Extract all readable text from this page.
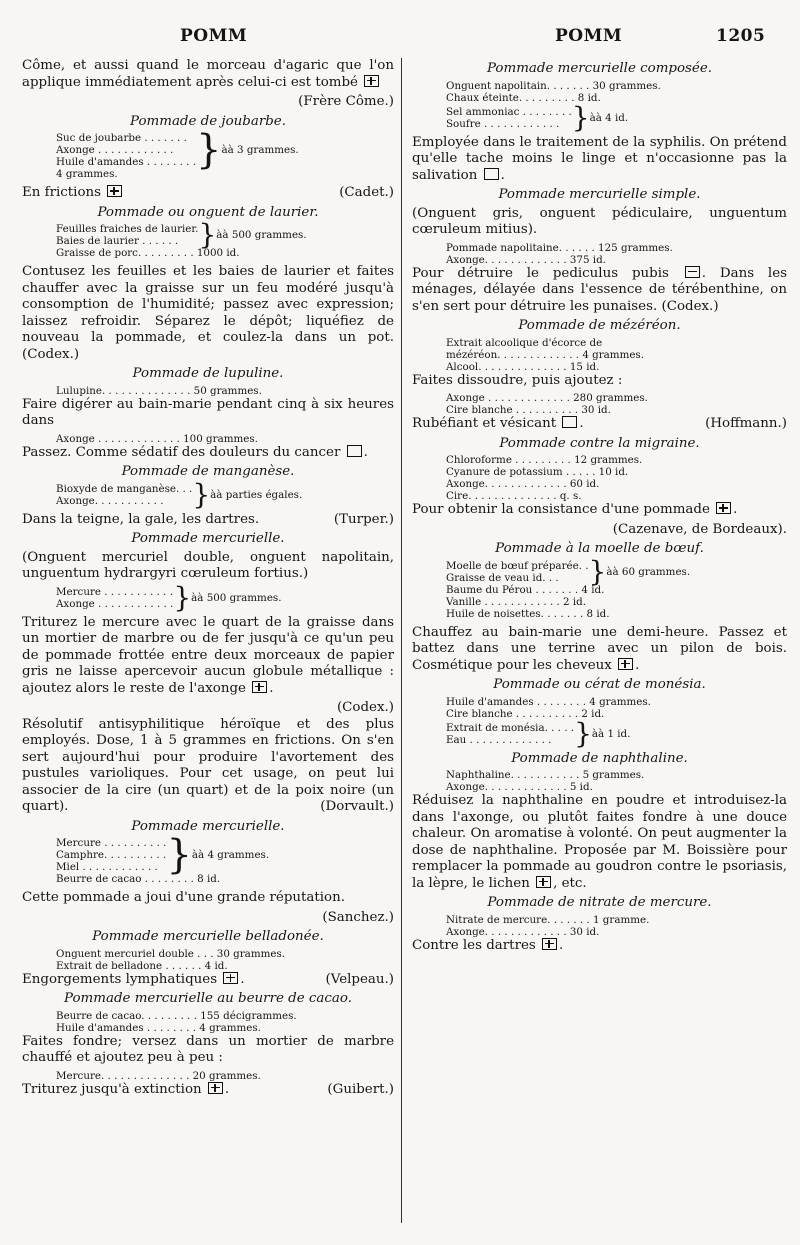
POMM	POMM	1205

Côme, et aussi quand le morceau d'agaric que l'on applique immédiatement après celui-ci est tombé

(Frère Côme.)
Pommade de joubarbe.
Suc de joubarbe . . . . . . .	}	àà 3 grammes.
Axonge . . . . . . . . . . . .
Huile d'amandes . . . . . . . .
4 grammes.

En frictions	(Cadet.)

Pommade ou onguent de laurier.
Feuilles fraiches de laurier.	}	àà 500 grammes.
Baies de laurier . . . . . .
Graisse de porc. . . . . . . . . 1000 id.

Contusez les feuilles et les baies de laurier et faites chauffer avec la graisse sur un feu modéré jusqu'à consomption de l'humidité; passez avec expression; laissez refroidir. Séparez le dépôt; liquéfiez de nouveau la pommade, et coulez-la dans un pot. (Codex.)

Pommade de lupuline.
Lulupine. . . . . . . . . . . . . . 50 grammes.

Faire digérer au bain-marie pendant cinq à six heures dans

Axonge . . . . . . . . . . . . . 100 grammes.

Passez. Comme sédatif des douleurs du cancer .

Pommade de manganèse.
Bioxyde de manganèse. . .	}	àà parties égales.
Axonge. . . . . . . . . . .

Dans la teigne, la gale, les dartres.	(Turper.)

Pommade mercurielle.

(Onguent mercuriel double, onguent napolitain, unguentum hydrargyri cœruleum fortius.)

Mercure . . . . . . . . . . .	}	àà 500 grammes.
Axonge . . . . . . . . . . . .

Triturez le mercure avec le quart de la graisse dans un mortier de marbre ou de fer jusqu'à ce qu'un peu de pommade frottée entre deux morceaux de papier gris ne laisse apercevoir aucun globule métallique : ajoutez alors le reste de l'axonge .

(Codex.)

Résolutif antisyphilitique héroïque et des plus employés. Dose, 1 à 5 grammes en frictions. On s'en sert aujourd'hui pour produire l'avortement des pustules varioliques. Pour cet usage, on peut lui associer de la cire (un quart) et de la poix noire (un quart).	(Dorvault.)

Pommade mercurielle.
Mercure . . . . . . . . . .	}	àà 4 grammes.
Camphre. . . . . . . . . .
Miel . . . . . . . . . . . .
Beurre de cacao . . . . . . . . 8 id.

Cette pommade a joui d'une grande réputation.

(Sanchez.)
Pommade mercurielle belladonée.
Onguent mercuriel double . . . 30 grammes.
Extrait de belladone . . . . . . 4 id.

Engorgements lymphatiques .	(Velpeau.)

Pommade mercurielle au beurre de cacao.
Beurre de cacao. . . . . . . . . 155 décigrammes.
Huile d'amandes . . . . . . . . 4 grammes.

Faites fondre; versez dans un mortier de marbre chauffé et ajoutez peu à peu :

Mercure. . . . . . . . . . . . . . 20 grammes.

Triturez jusqu'à extinction .	(Guibert.)

Pommade mercurielle composée.
Onguent napolitain. . . . . . . 30 grammes.
Chaux éteinte. . . . . . . . . 8 id.
Sel ammoniac . . . . . . . .	}	àà 4 id.
Soufre . . . . . . . . . . . .

Employée dans le traitement de la syphilis. On prétend qu'elle tache moins le linge et n'occasionne pas la salivation .

Pommade mercurielle simple.

(Onguent gris, onguent pédiculaire, unguentum cœruleum mitius).

Pommade napolitaine. . . . . . 125 grammes.
Axonge. . . . . . . . . . . . . 375 id.

Pour détruire le pediculus pubis . Dans les ménages, délayée dans l'essence de térébenthine, on s'en sert pour détruire les punaises. (Codex.)

Pommade de mézéréon.
Extrait alcoolique d'écorce de
mézéréon. . . . . . . . . . . . . 4 grammes.
Alcool. . . . . . . . . . . . . . 15 id.

Faites dissoudre, puis ajoutez :

Axonge . . . . . . . . . . . . . 280 grammes.
Cire blanche . . . . . . . . . . 30 id.

Rubéfiant et vésicant .	(Hoffmann.)

Pommade contre la migraine.
Chloroforme . . . . . . . . . 12 grammes.
Cyanure de potassium . . . . . 10 id.
Axonge. . . . . . . . . . . . . 60 id.
Cire. . . . . . . . . . . . . . q. s.

Pour obtenir la consistance d'une pommade .

(Cazenave, de Bordeaux).
Pommade à la moelle de bœuf.
Moelle de bœuf préparée. .	}	àà 60 grammes.
Graisse de veau id. . .
Baume du Pérou . . . . . . . 4 id.
Vanille . . . . . . . . . . . . 2 id.
Huile de noisettes. . . . . . . 8 id.

Chauffez au bain-marie une demi-heure. Passez et battez dans une terrine avec un pilon de bois. Cosmétique pour les cheveux .

Pommade ou cérat de monésia.
Huile d'amandes . . . . . . . . 4 grammes.
Cire blanche . . . . . . . . . . 2 id.
Extrait de monésia. . . . .	}	àà 1 id.
Eau . . . . . . . . . . . . .
Pommade de naphthaline.
Naphthaline. . . . . . . . . . . 5 grammes.
Axonge. . . . . . . . . . . . . 5 id.

Réduisez la naphthaline en poudre et introduisez-la dans l'axonge, ou plutôt faites fondre à une douce chaleur. On aromatise à volonté. On peut augmenter la dose de naphthaline. Proposée par M. Boissière pour remplacer la pommade au goudron contre le psoriasis, la lèpre, le lichen , etc.

Pommade de nitrate de mercure.
Nitrate de mercure. . . . . . . 1 gramme.
Axonge. . . . . . . . . . . . . 30 id.

Contre les dartres .
